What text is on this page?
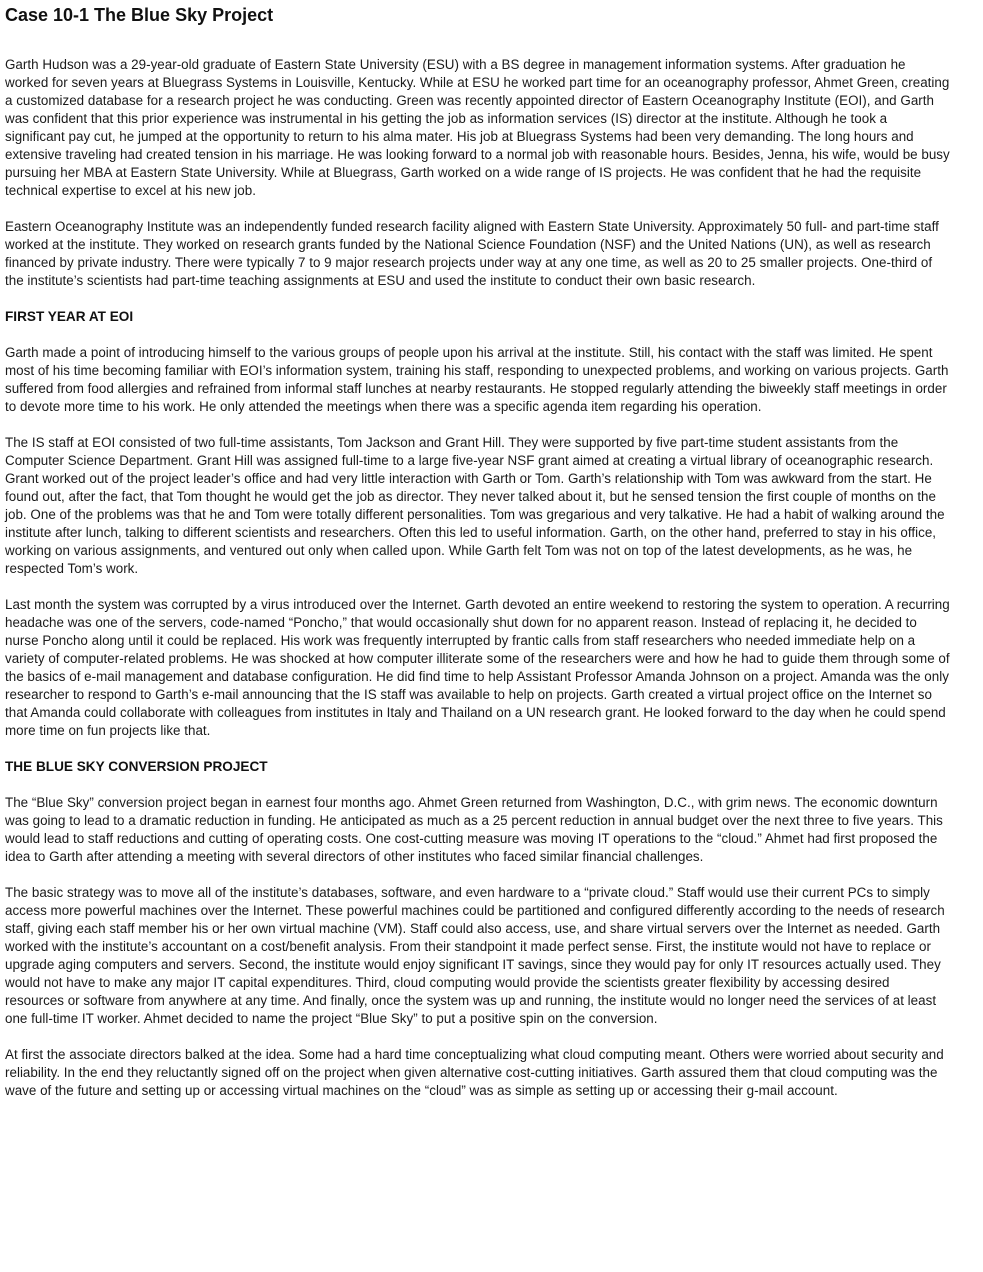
Case 10-1 The Blue Sky Project

Garth Hudson was a 29-year-old graduate of Eastern State University (ESU) with a BS degree in management information systems. After graduation he worked for seven years at Bluegrass Systems in Louisville, Kentucky. While at ESU he worked part time for an oceanography professor, Ahmet Green, creating a customized database for a research project he was conducting. Green was recently appointed director of Eastern Oceanography Institute (EOI), and Garth was confident that this prior experience was instrumental in his getting the job as information services (IS) director at the institute. Although he took a significant pay cut, he jumped at the opportunity to return to his alma mater. His job at Bluegrass Systems had been very demanding. The long hours and extensive traveling had created tension in his marriage. He was looking forward to a normal job with reasonable hours. Besides, Jenna, his wife, would be busy pursuing her MBA at Eastern State University. While at Bluegrass, Garth worked on a wide range of IS projects. He was confident that he had the requisite technical expertise to excel at his new job.

Eastern Oceanography Institute was an independently funded research facility aligned with Eastern State University. Approximately 50 full- and part-time staff worked at the institute. They worked on research grants funded by the National Science Foundation (NSF) and the United Nations (UN), as well as research financed by private industry. There were typically 7 to 9 major research projects under way at any one time, as well as 20 to 25 smaller projects. One-third of the institute’s scientists had part-time teaching assignments at ESU and used the institute to conduct their own basic research.

FIRST YEAR AT EOI

Garth made a point of introducing himself to the various groups of people upon his arrival at the institute. Still, his contact with the staff was limited. He spent most of his time becoming familiar with EOI’s information system, training his staff, responding to unexpected problems, and working on various projects. Garth suffered from food allergies and refrained from informal staff lunches at nearby restaurants. He stopped regularly attending the biweekly staff meetings in order to devote more time to his work. He only attended the meetings when there was a specific agenda item regarding his operation.

The IS staff at EOI consisted of two full-time assistants, Tom Jackson and Grant Hill. They were supported by five part-time student assistants from the Computer Science Department. Grant Hill was assigned full-time to a large five-year NSF grant aimed at creating a virtual library of oceanographic research. Grant worked out of the project leader’s office and had very little interaction with Garth or Tom. Garth’s relationship with Tom was awkward from the start. He found out, after the fact, that Tom thought he would get the job as director. They never talked about it, but he sensed tension the first couple of months on the job. One of the problems was that he and Tom were totally different personalities. Tom was gregarious and very talkative. He had a habit of walking around the institute after lunch, talking to different scientists and researchers. Often this led to useful information. Garth, on the other hand, preferred to stay in his office, working on various assignments, and ventured out only when called upon. While Garth felt Tom was not on top of the latest developments, as he was, he respected Tom’s work.

Last month the system was corrupted by a virus introduced over the Internet. Garth devoted an entire weekend to restoring the system to operation. A recurring headache was one of the servers, code-named “Poncho,” that would occasionally shut down for no apparent reason. Instead of replacing it, he decided to nurse Poncho along until it could be replaced. His work was frequently interrupted by frantic calls from staff researchers who needed immediate help on a variety of computer-related problems. He was shocked at how computer illiterate some of the researchers were and how he had to guide them through some of the basics of e-mail management and database configuration. He did find time to help Assistant Professor Amanda Johnson on a project. Amanda was the only researcher to respond to Garth’s e-mail announcing that the IS staff was available to help on projects. Garth created a virtual project office on the Internet so that Amanda could collaborate with colleagues from institutes in Italy and Thailand on a UN research grant. He looked forward to the day when he could spend more time on fun projects like that.

THE BLUE SKY CONVERSION PROJECT

The “Blue Sky” conversion project began in earnest four months ago. Ahmet Green returned from Washington, D.C., with grim news. The economic downturn was going to lead to a dramatic reduction in funding. He anticipated as much as a 25 percent reduction in annual budget over the next three to five years. This would lead to staff reductions and cutting of operating costs. One cost-cutting measure was moving IT operations to the “cloud.” Ahmet had first proposed the idea to Garth after attending a meeting with several directors of other institutes who faced similar financial challenges.

The basic strategy was to move all of the institute’s databases, software, and even hardware to a “private cloud.” Staff would use their current PCs to simply access more powerful machines over the Internet. These powerful machines could be partitioned and configured differently according to the needs of research staff, giving each staff member his or her own virtual machine (VM). Staff could also access, use, and share virtual servers over the Internet as needed. Garth worked with the institute’s accountant on a cost/benefit analysis. From their standpoint it made perfect sense. First, the institute would not have to replace or upgrade aging computers and servers. Second, the institute would enjoy significant IT savings, since they would pay for only IT resources actually used. They would not have to make any major IT capital expenditures. Third, cloud computing would provide the scientists greater flexibility by accessing desired resources or software from anywhere at any time. And finally, once the system was up and running, the institute would no longer need the services of at least one full-time IT worker. Ahmet decided to name the project “Blue Sky” to put a positive spin on the conversion.

At first the associate directors balked at the idea. Some had a hard time conceptualizing what cloud computing meant. Others were worried about security and reliability. In the end they reluctantly signed off on the project when given alternative cost-cutting initiatives. Garth assured them that cloud computing was the wave of the future and setting up or accessing virtual machines on the “cloud” was as simple as setting up or accessing their g-mail account.
